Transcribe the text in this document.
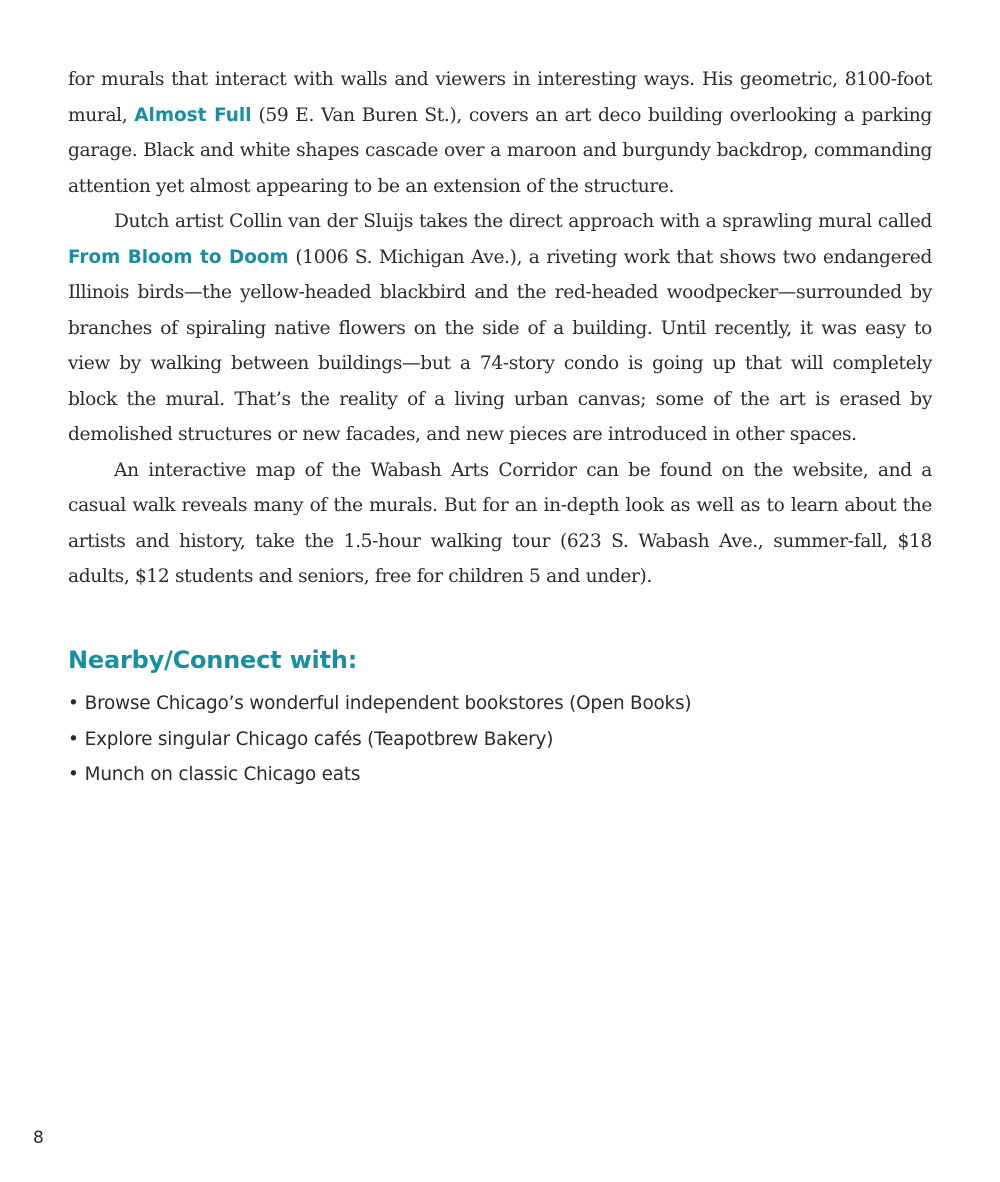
for murals that interact with walls and viewers in interesting ways. His geometric, 8100-foot mural, Almost Full (59 E. Van Buren St.), covers an art deco building overlooking a parking garage. Black and white shapes cascade over a maroon and burgundy backdrop, commanding attention yet almost appearing to be an extension of the structure.

Dutch artist Collin van der Sluijs takes the direct approach with a sprawling mural called From Bloom to Doom (1006 S. Michigan Ave.), a riveting work that shows two endangered Illinois birds—the yellow-headed blackbird and the red-headed woodpecker—surrounded by branches of spiraling native flowers on the side of a building. Until recently, it was easy to view by walking between buildings—but a 74-story condo is going up that will completely block the mural. That’s the reality of a living urban canvas; some of the art is erased by demolished structures or new facades, and new pieces are introduced in other spaces.

An interactive map of the Wabash Arts Corridor can be found on the website, and a casual walk reveals many of the murals. But for an in-depth look as well as to learn about the artists and history, take the 1.5-hour walking tour (623 S. Wabash Ave., summer-fall, $18 adults, $12 students and seniors, free for children 5 and under).

Nearby/Connect with:
• Browse Chicago’s wonderful independent bookstores (Open Books)
• Explore singular Chicago cafés (Teapotbrew Bakery)
• Munch on classic Chicago eats
8
